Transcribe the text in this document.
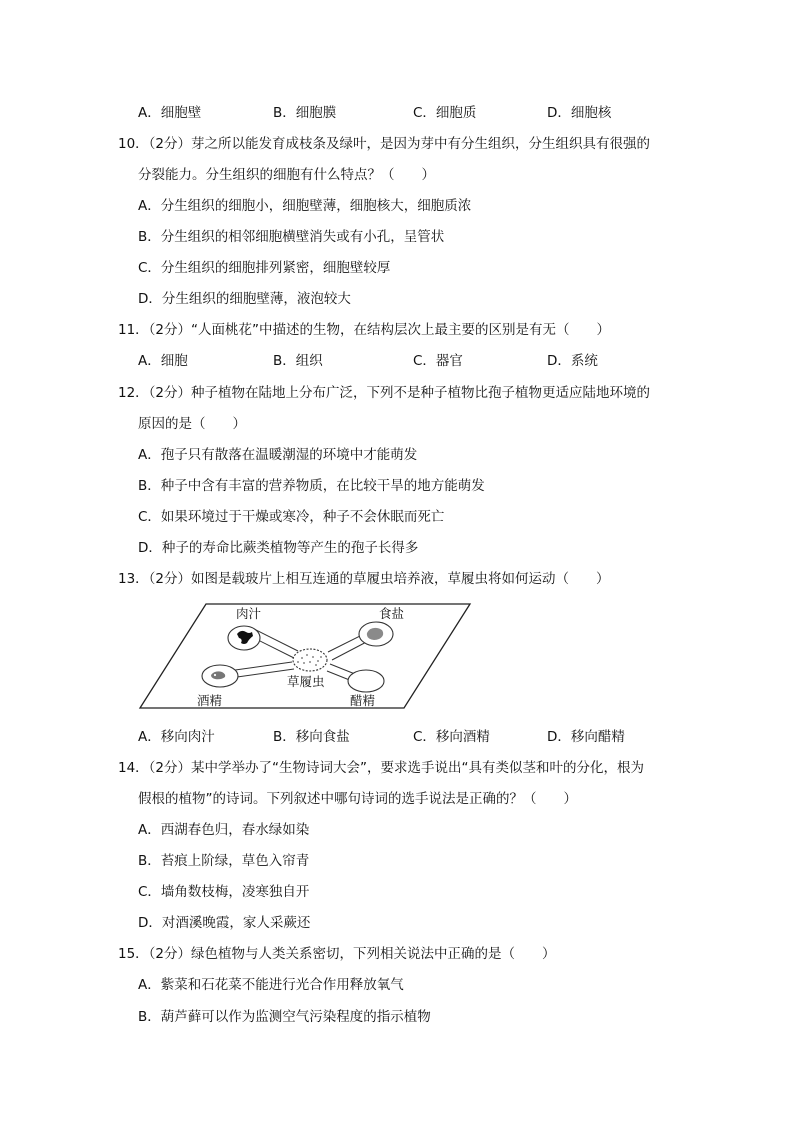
A．细胞壁	B．细胞膜	C．细胞质	D．细胞核
10．（2分）芽之所以能发育成枝条及绿叶，是因为芽中有分生组织，分生组织具有很强的
分裂能力。分生组织的细胞有什么特点？（　　）
A．分生组织的细胞小，细胞壁薄，细胞核大，细胞质浓
B．分生组织的相邻细胞横壁消失或有小孔，呈管状
C．分生组织的细胞排列紧密，细胞壁较厚
D．分生组织的细胞壁薄，液泡较大
11．（2分）“人面桃花”中描述的生物，在结构层次上最主要的区别是有无（　　）
A．细胞	B．组织	C．器官	D．系统
12．（2分）种子植物在陆地上分布广泛，下列不是种子植物比孢子植物更适应陆地环境的
原因的是（　　）
A．孢子只有散落在温暖潮湿的环境中才能萌发
B．种子中含有丰富的营养物质，在比较干旱的地方能萌发
C．如果环境过于干燥或寒冷，种子不会休眠而死亡
D．种子的寿命比蕨类植物等产生的孢子长得多
13．（2分）如图是载玻片上相互连通的草履虫培养液，草履虫将如何运动（　　）
肉汁	食盐
草履虫
酒精	醋精
A．移向肉汁	B．移向食盐	C．移向酒精	D．移向醋精
14．（2分）某中学举办了“生物诗词大会”，要求选手说出“具有类似茎和叶的分化，根为
假根的植物”的诗词。下列叙述中哪句诗词的选手说法是正确的？（　　）
A．西湖春色归，春水绿如染
B．苔痕上阶绿，草色入帘青
C．墙角数枝梅，凌寒独自开
D．对酒溪晚霞，家人采蕨还
15．（2分）绿色植物与人类关系密切，下列相关说法中正确的是（　　）
A．紫菜和石花菜不能进行光合作用释放氧气
B．葫芦藓可以作为监测空气污染程度的指示植物
